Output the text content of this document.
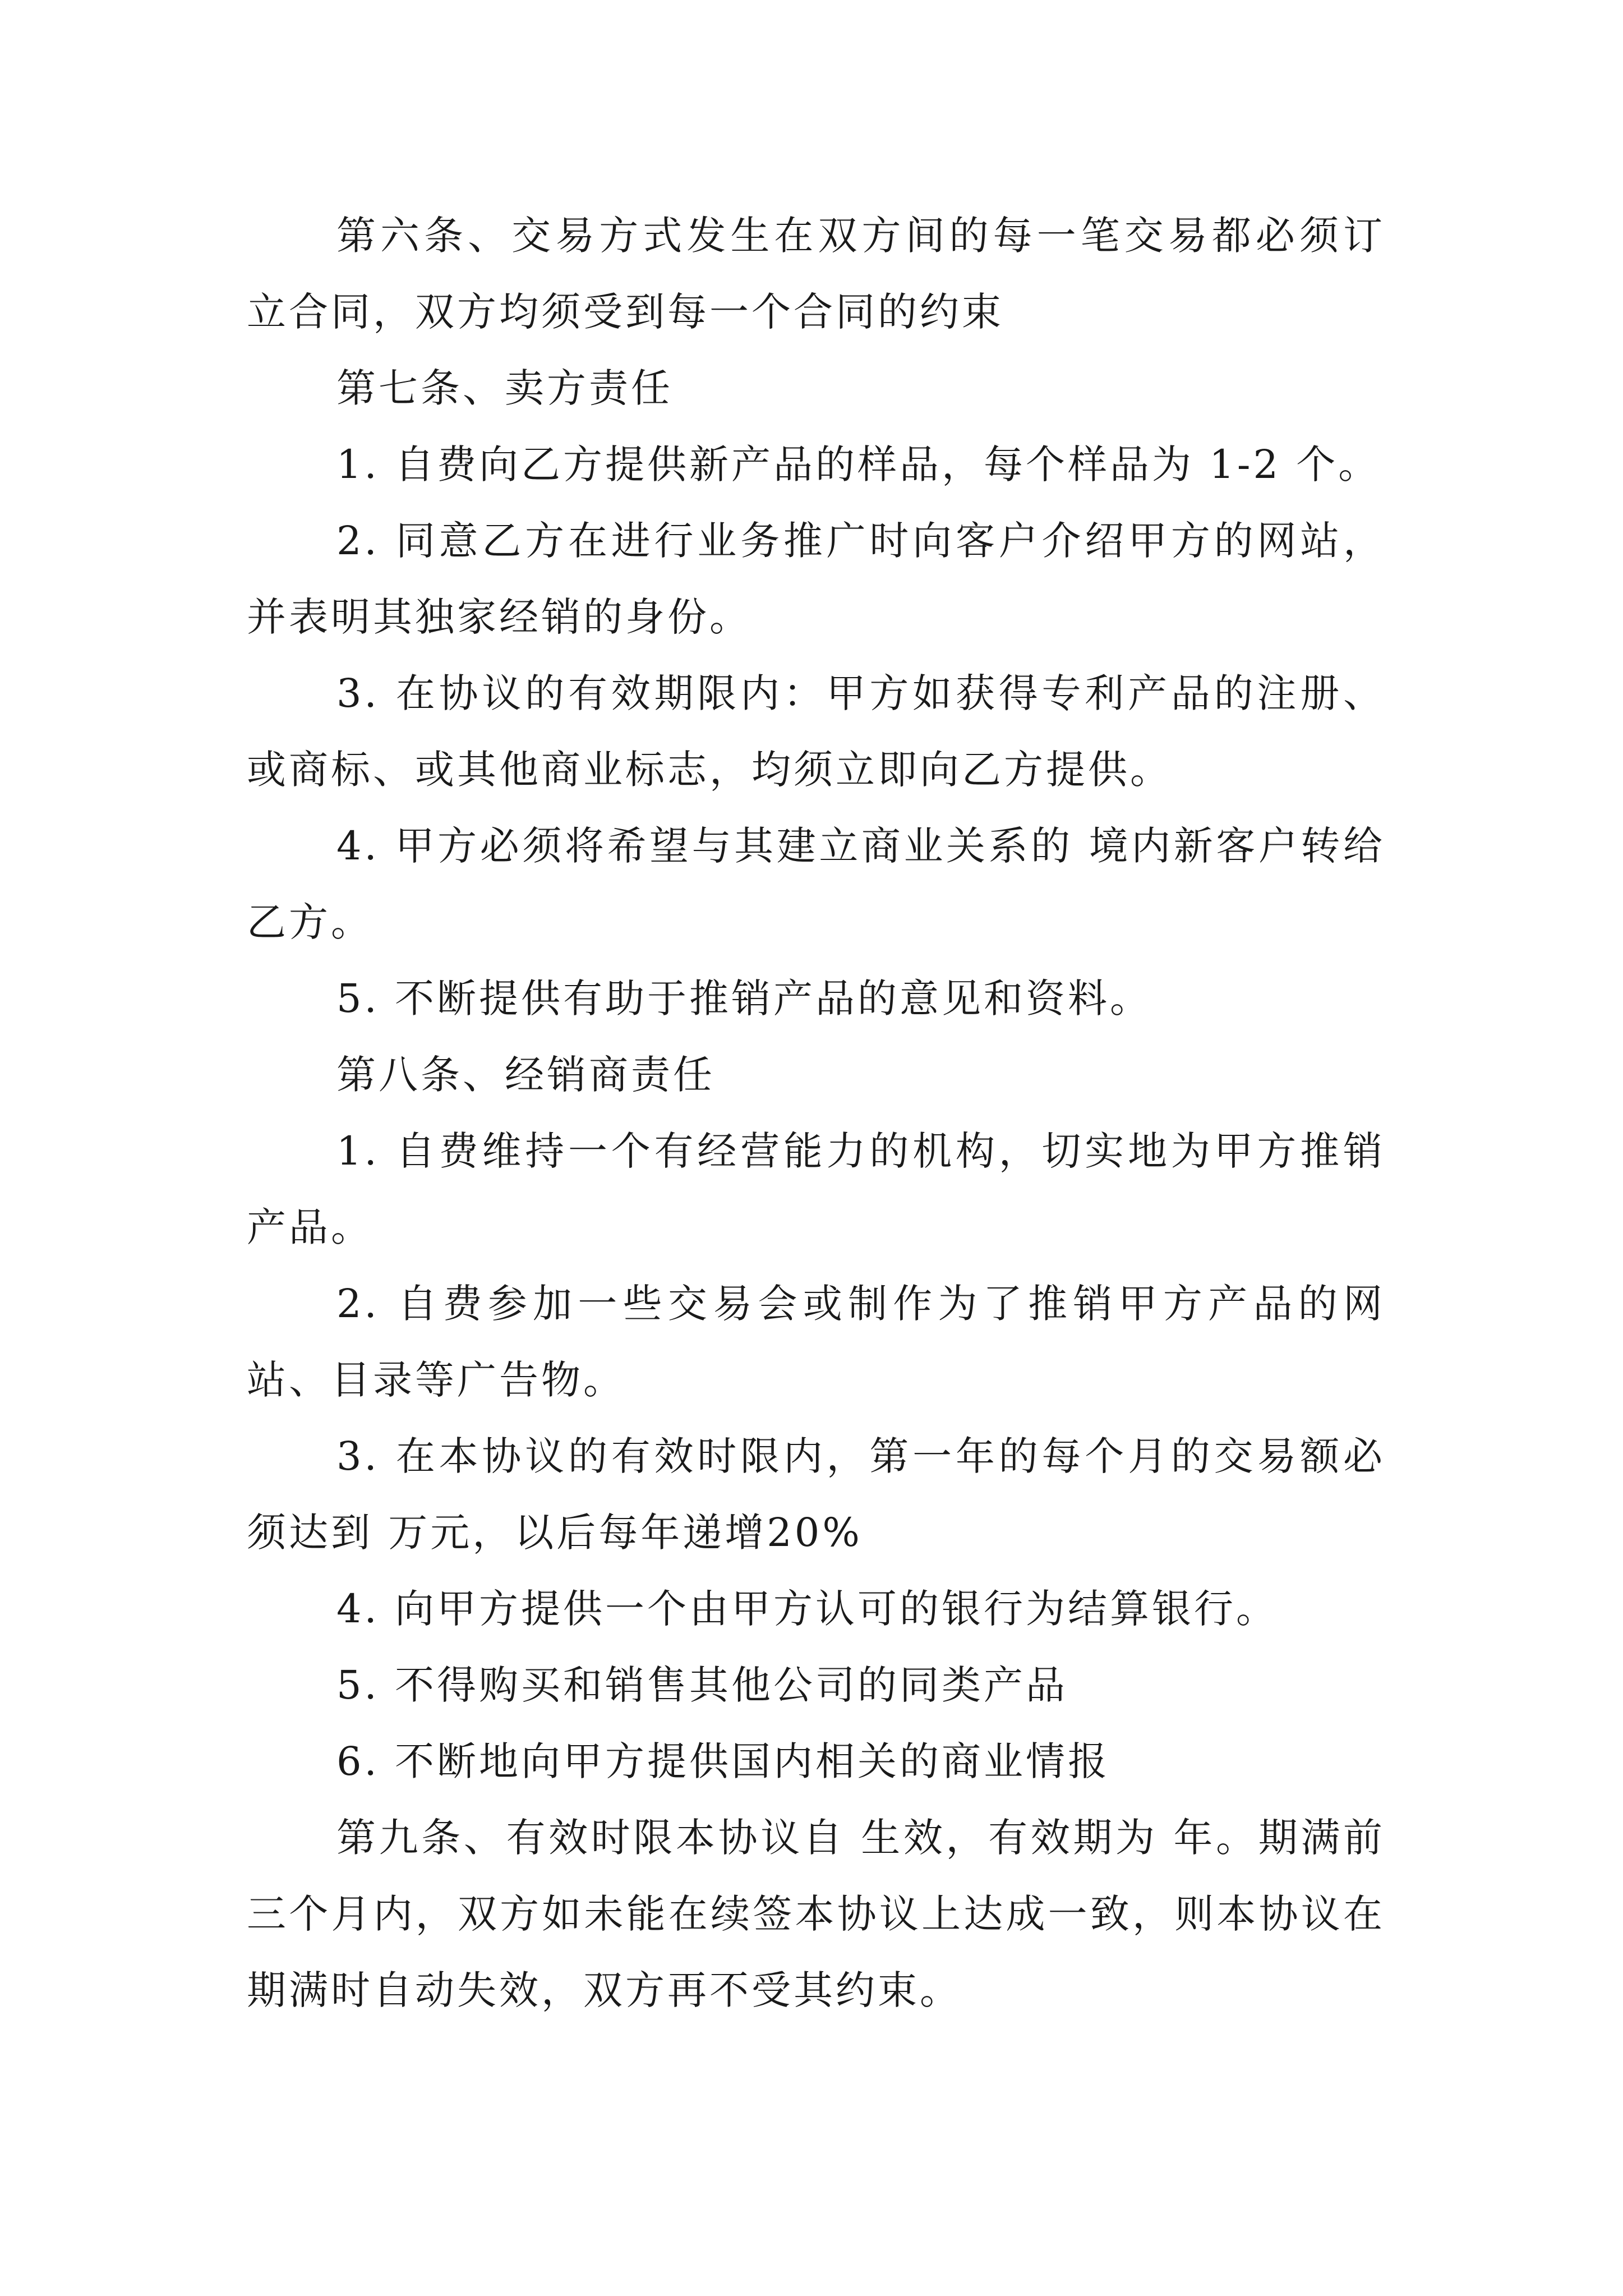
第六条、交易方式发生在双方间的每一笔交易都必须订立合同，双方均须受到每一个合同的约束

第七条、卖方责任

1. 自费向乙方提供新产品的样品，每个样品为 1-2 个。

2. 同意乙方在进行业务推广时向客户介绍甲方的网站，并表明其独家经销的身份。

3. 在协议的有效期限内：甲方如获得专利产品的注册、或商标、或其他商业标志，均须立即向乙方提供。

4. 甲方必须将希望与其建立商业关系的 境内新客户转给乙方。

5. 不断提供有助于推销产品的意见和资料。

第八条、经销商责任

1. 自费维持一个有经营能力的机构，切实地为甲方推销产品。

2. 自费参加一些交易会或制作为了推销甲方产品的网站、目录等广告物。

3. 在本协议的有效时限内，第一年的每个月的交易额必须达到 万元，以后每年递增20%

4. 向甲方提供一个由甲方认可的银行为结算银行。

5. 不得购买和销售其他公司的同类产品

6. 不断地向甲方提供国内相关的商业情报

第九条、有效时限本协议自 生效，有效期为 年。期满前三个月内，双方如未能在续签本协议上达成一致，则本协议在期满时自动失效，双方再不受其约束。
